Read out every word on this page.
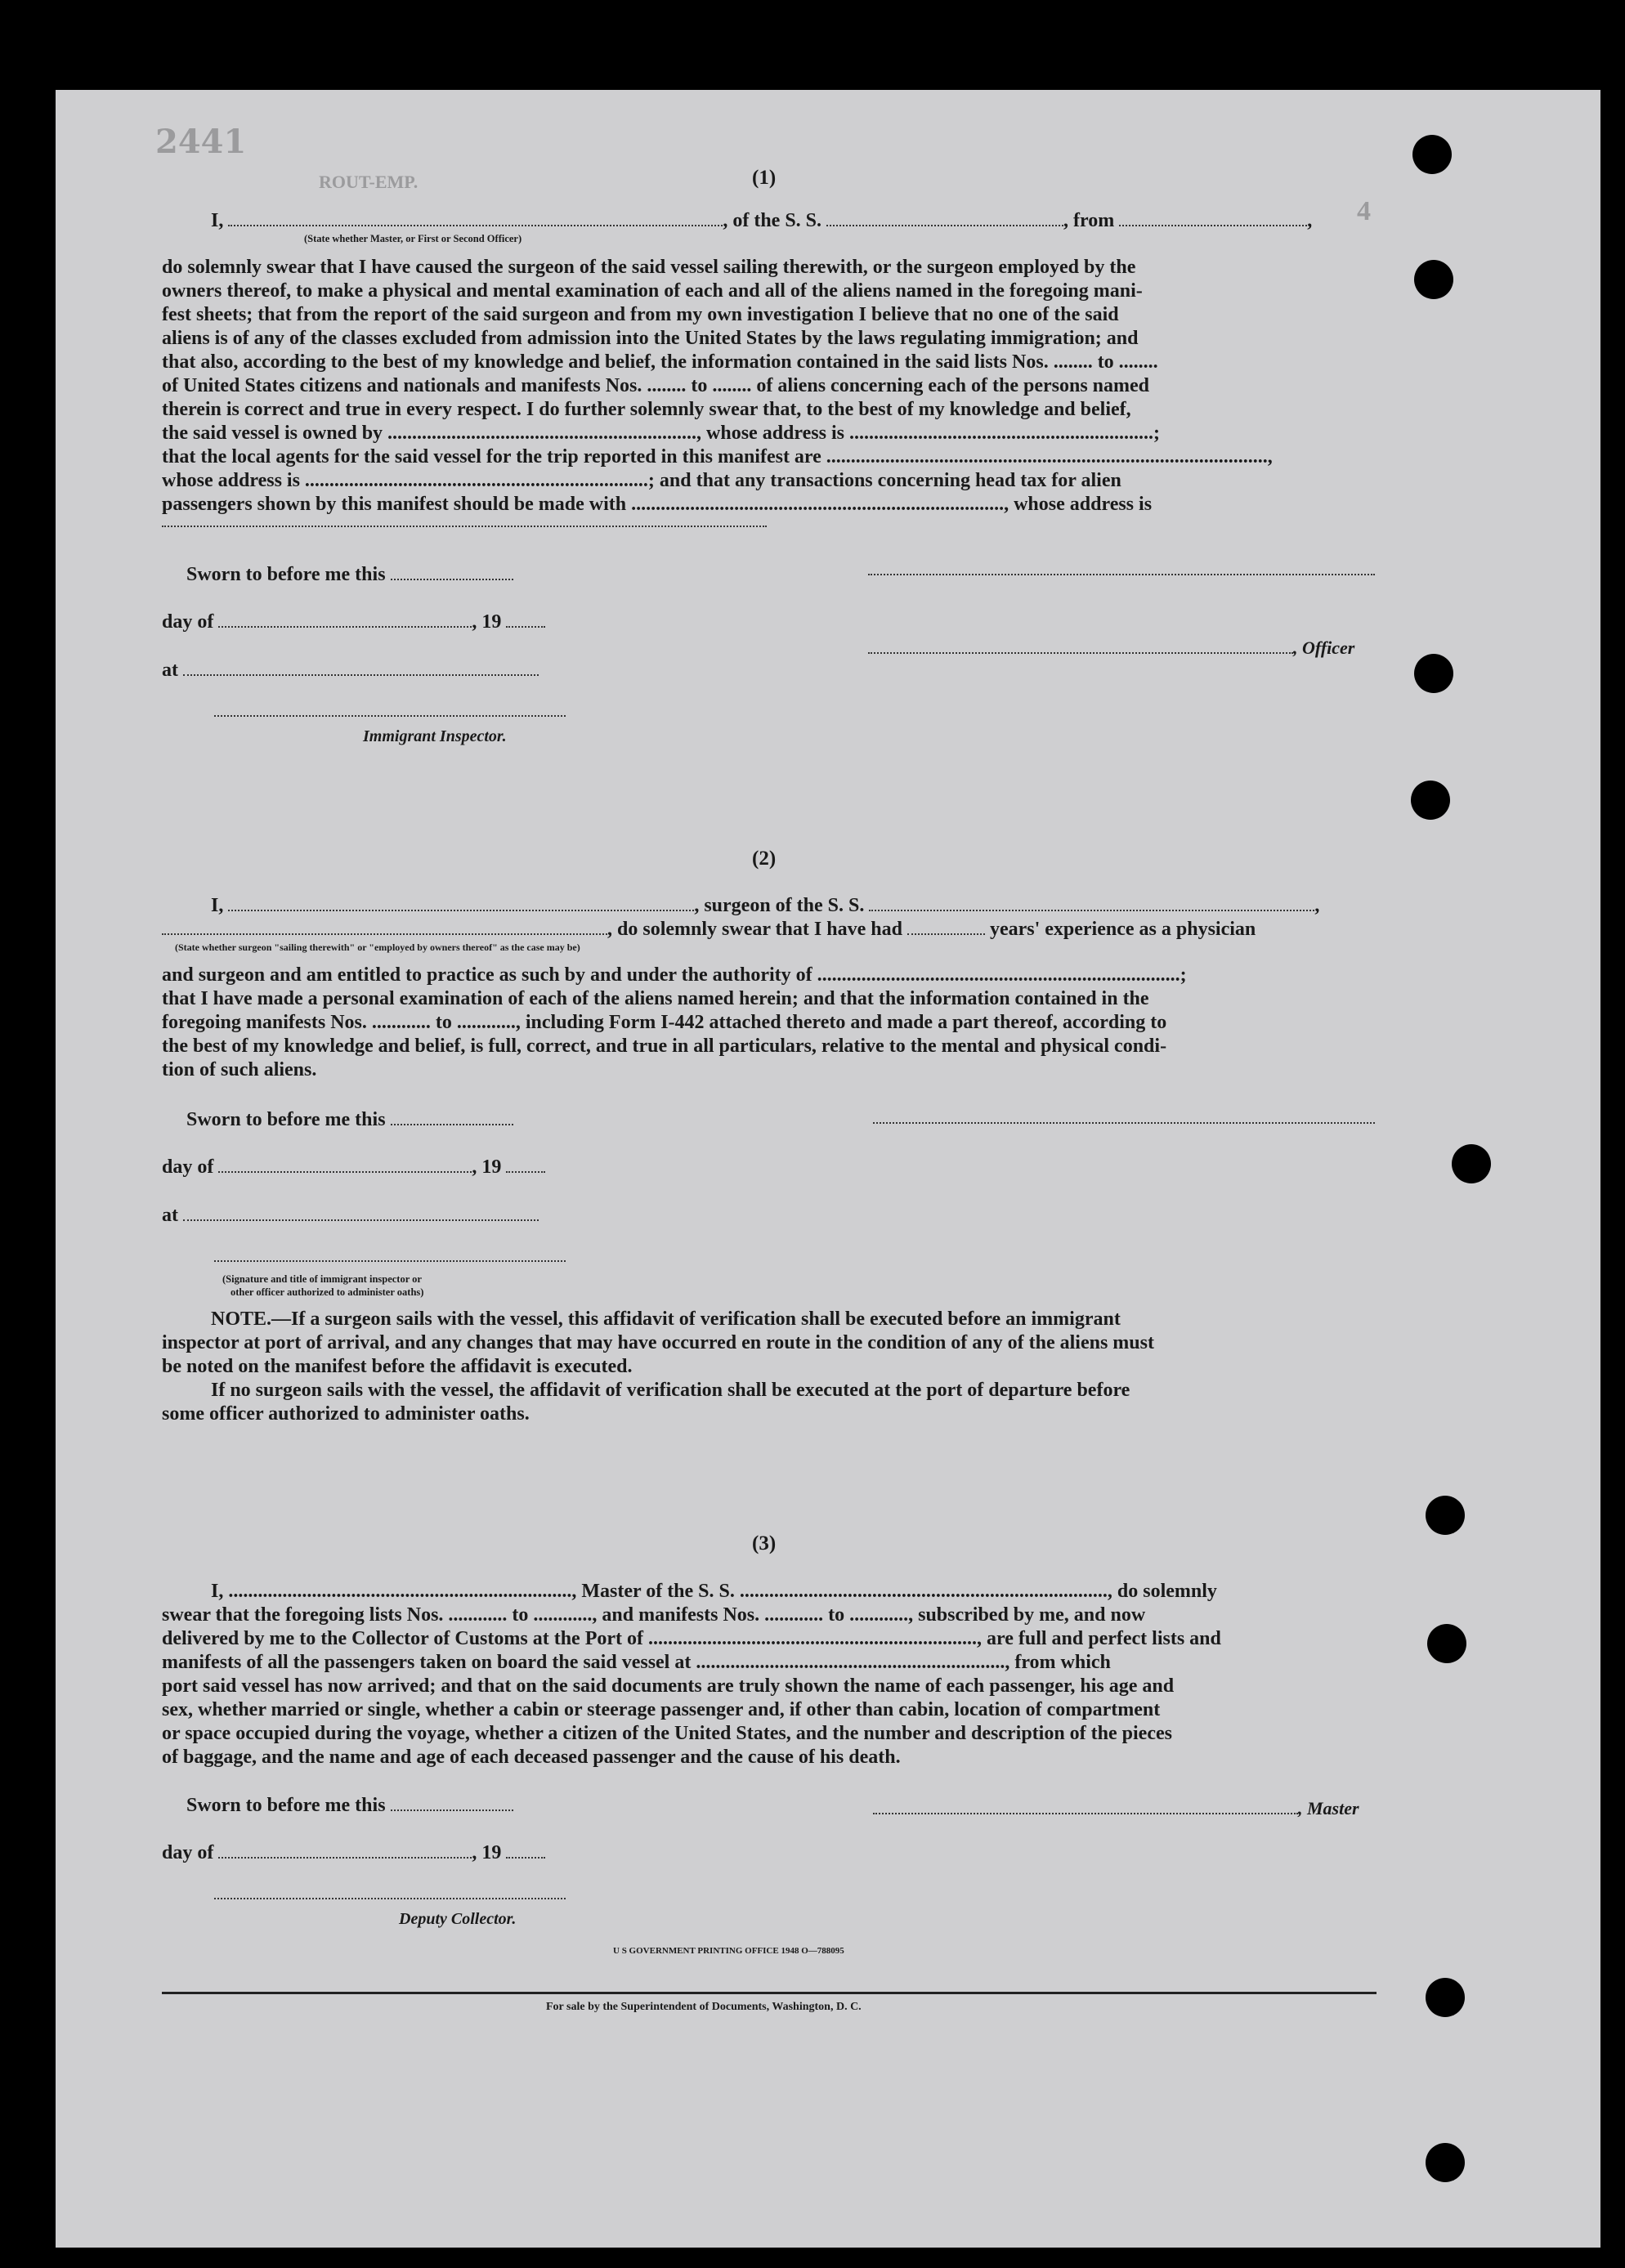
2441
ROUT-EMP.
4
(1)
I,	, of the S. S.	, from	,
(State whether Master, or First or Second Officer)

do solemnly swear that I have caused the surgeon of the said vessel sailing therewith, or the surgeon employed by the

owners thereof, to make a physical and mental examination of each and all of the aliens named in the foregoing mani-

fest sheets; that from the report of the said surgeon and from my own investigation I believe that no one of the said

aliens is of any of the classes excluded from admission into the United States by the laws regulating immigration; and

that also, according to the best of my knowledge and belief, the information contained in the said lists Nos. ........ to ........

of United States citizens and nationals and manifests Nos. ........ to ........ of aliens concerning each of the persons named

therein is correct and true in every respect. I do further solemnly swear that, to the best of my knowledge and belief,

the said vessel is owned by ..............................................................., whose address is ..............................................................;

that the local agents for the said vessel for the trip reported in this manifest are ..........................................................................................,

whose address is ......................................................................; and that any transactions concerning head tax for alien

passengers shown by this manifest should be made with ............................................................................, whose address is

Sworn to before me this
day of	, 19
, Officer
at
Immigrant Inspector.
(2)
I,	, surgeon of the S. S.	,
, do solemnly swear that I have had	years' experience as a physician
(State whether surgeon "sailing therewith" or "employed by owners thereof" as the case may be)

and surgeon and am entitled to practice as such by and under the authority of ..........................................................................;

that I have made a personal examination of each of the aliens named herein; and that the information contained in the

foregoing manifests Nos. ............ to ............, including Form I-442 attached thereto and made a part thereof, according to

the best of my knowledge and belief, is full, correct, and true in all particulars, relative to the mental and physical condi-

tion of such aliens.

Sworn to before me this
day of	, 19
at
(Signature and title of immigrant inspector or
other officer authorized to administer oaths)

NOTE.—If a surgeon sails with the vessel, this affidavit of verification shall be executed before an immigrant

inspector at port of arrival, and any changes that may have occurred en route in the condition of any of the aliens must

be noted on the manifest before the affidavit is executed.

If no surgeon sails with the vessel, the affidavit of verification shall be executed at the port of departure before

some officer authorized to administer oaths.

(3)

I, ......................................................................, Master of the S. S. ..........................................................................., do solemnly

swear that the foregoing lists Nos. ............ to ............, and manifests Nos. ............ to ............, subscribed by me, and now

delivered by me to the Collector of Customs at the Port of ..................................................................., are full and perfect lists and

manifests of all the passengers taken on board the said vessel at ..............................................................., from which

port said vessel has now arrived; and that on the said documents are truly shown the name of each passenger, his age and

sex, whether married or single, whether a cabin or steerage passenger and, if other than cabin, location of compartment

or space occupied during the voyage, whether a citizen of the United States, and the number and description of the pieces

of baggage, and the name and age of each deceased passenger and the cause of his death.

Sworn to before me this	, Master
day of	, 19
Deputy Collector.
U S GOVERNMENT PRINTING OFFICE 1948 O—788095
For sale by the Superintendent of Documents, Washington, D. C.
